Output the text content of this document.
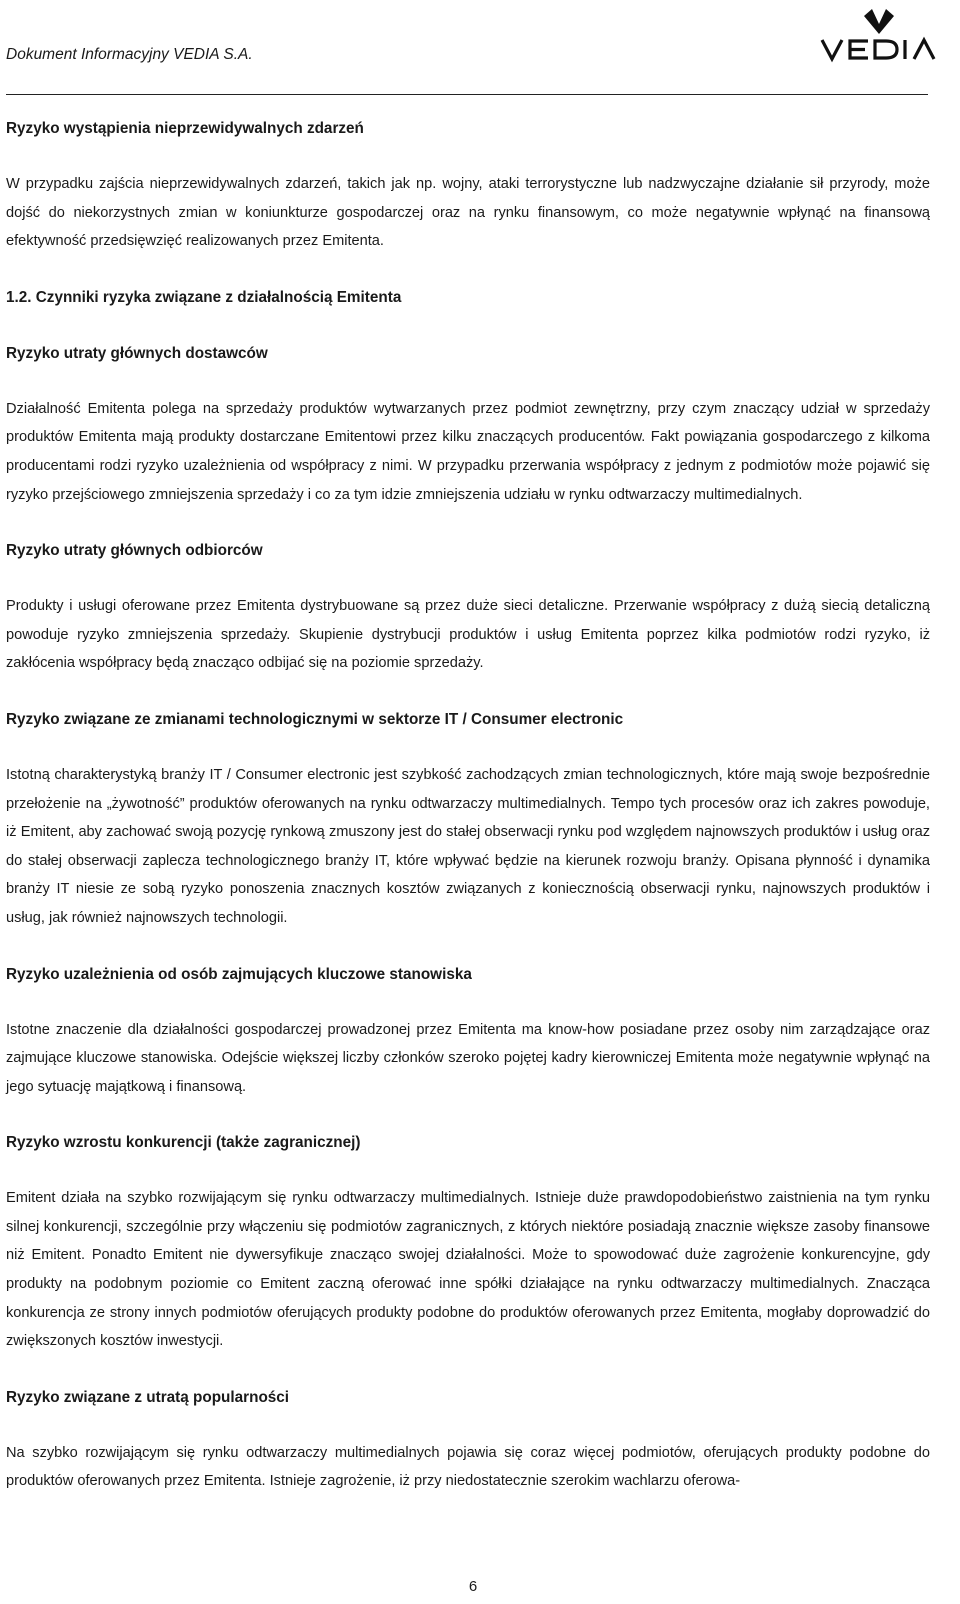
Dokument Informacyjny VEDIA S.A.
Ryzyko wystąpienia nieprzewidywalnych zdarzeń
W przypadku zajścia nieprzewidywalnych zdarzeń, takich jak np. wojny, ataki terrorystyczne lub nadzwyczajne działanie sił przyrody, może dojść do niekorzystnych zmian w koniunkturze gospodarczej oraz na rynku finansowym, co może negatywnie wpłynąć na finansową efektywność przedsięwzięć realizowanych przez Emitenta.
1.2. Czynniki ryzyka związane z działalnością Emitenta
Ryzyko utraty głównych dostawców
Działalność Emitenta polega na sprzedaży produktów wytwarzanych przez podmiot zewnętrzny, przy czym znaczący udział w sprzedaży produktów Emitenta mają produkty dostarczane Emitentowi przez kilku znaczących producentów. Fakt powiązania gospodarczego z kilkoma producentami rodzi ryzyko uzależnienia od współpracy z nimi. W przypadku przerwania współpracy z jednym z podmiotów może pojawić się ryzyko przejściowego zmniejszenia sprzedaży i co za tym idzie zmniejszenia udziału w rynku odtwarzaczy multimedialnych.
Ryzyko utraty głównych odbiorców
Produkty i usługi oferowane przez Emitenta dystrybuowane są przez duże sieci detaliczne. Przerwanie współpracy z dużą siecią detaliczną powoduje ryzyko zmniejszenia sprzedaży. Skupienie dystrybucji produktów i usług Emitenta poprzez kilka podmiotów rodzi ryzyko, iż zakłócenia współpracy będą znacząco odbijać się na poziomie sprzedaży.
Ryzyko związane ze zmianami technologicznymi w sektorze IT / Consumer electronic
Istotną charakterystyką branży IT / Consumer electronic jest szybkość zachodzących zmian technologicznych, które mają swoje bezpośrednie przełożenie na „żywotność” produktów oferowanych na rynku odtwarzaczy multimedialnych. Tempo tych procesów oraz ich zakres powoduje, iż Emitent, aby zachować swoją pozycję rynkową zmuszony jest do stałej obserwacji rynku pod względem najnowszych produktów i usług oraz do stałej obserwacji zaplecza technologicznego branży IT, które wpływać będzie na kierunek rozwoju branży. Opisana płynność i dynamika branży IT niesie ze sobą ryzyko ponoszenia znacznych kosztów związanych z koniecznością obserwacji rynku, najnowszych produktów i usług, jak również najnowszych technologii.
Ryzyko uzależnienia od osób zajmujących kluczowe stanowiska
Istotne znaczenie dla działalności gospodarczej prowadzonej przez Emitenta ma know-how posiadane przez osoby nim zarządzające oraz zajmujące kluczowe stanowiska. Odejście większej liczby członków szeroko pojętej kadry kierowniczej Emitenta może negatywnie wpłynąć na jego sytuację majątkową i finansową.
Ryzyko wzrostu konkurencji (także zagranicznej)
Emitent działa na szybko rozwijającym się rynku odtwarzaczy multimedialnych. Istnieje duże prawdopodobieństwo zaistnienia na tym rynku silnej konkurencji, szczególnie przy włączeniu się podmiotów zagranicznych, z których niektóre posiadają znacznie większe zasoby finansowe niż Emitent. Ponadto Emitent nie dywersyfikuje znacząco swojej działalności. Może to spowodować duże zagrożenie konkurencyjne, gdy produkty na podobnym poziomie co Emitent zaczną oferować inne spółki działające na rynku odtwarzaczy multimedialnych. Znacząca konkurencja ze strony innych podmiotów oferujących produkty podobne do produktów oferowanych przez Emitenta, mogłaby doprowadzić do zwiększonych kosztów inwestycji.
Ryzyko związane z utratą popularności
Na szybko rozwijającym się rynku odtwarzaczy multimedialnych pojawia się coraz więcej podmiotów, oferujących produkty podobne do produktów oferowanych przez Emitenta. Istnieje zagrożenie, iż przy niedostatecznie szerokim wachlarzu oferowa-
6
